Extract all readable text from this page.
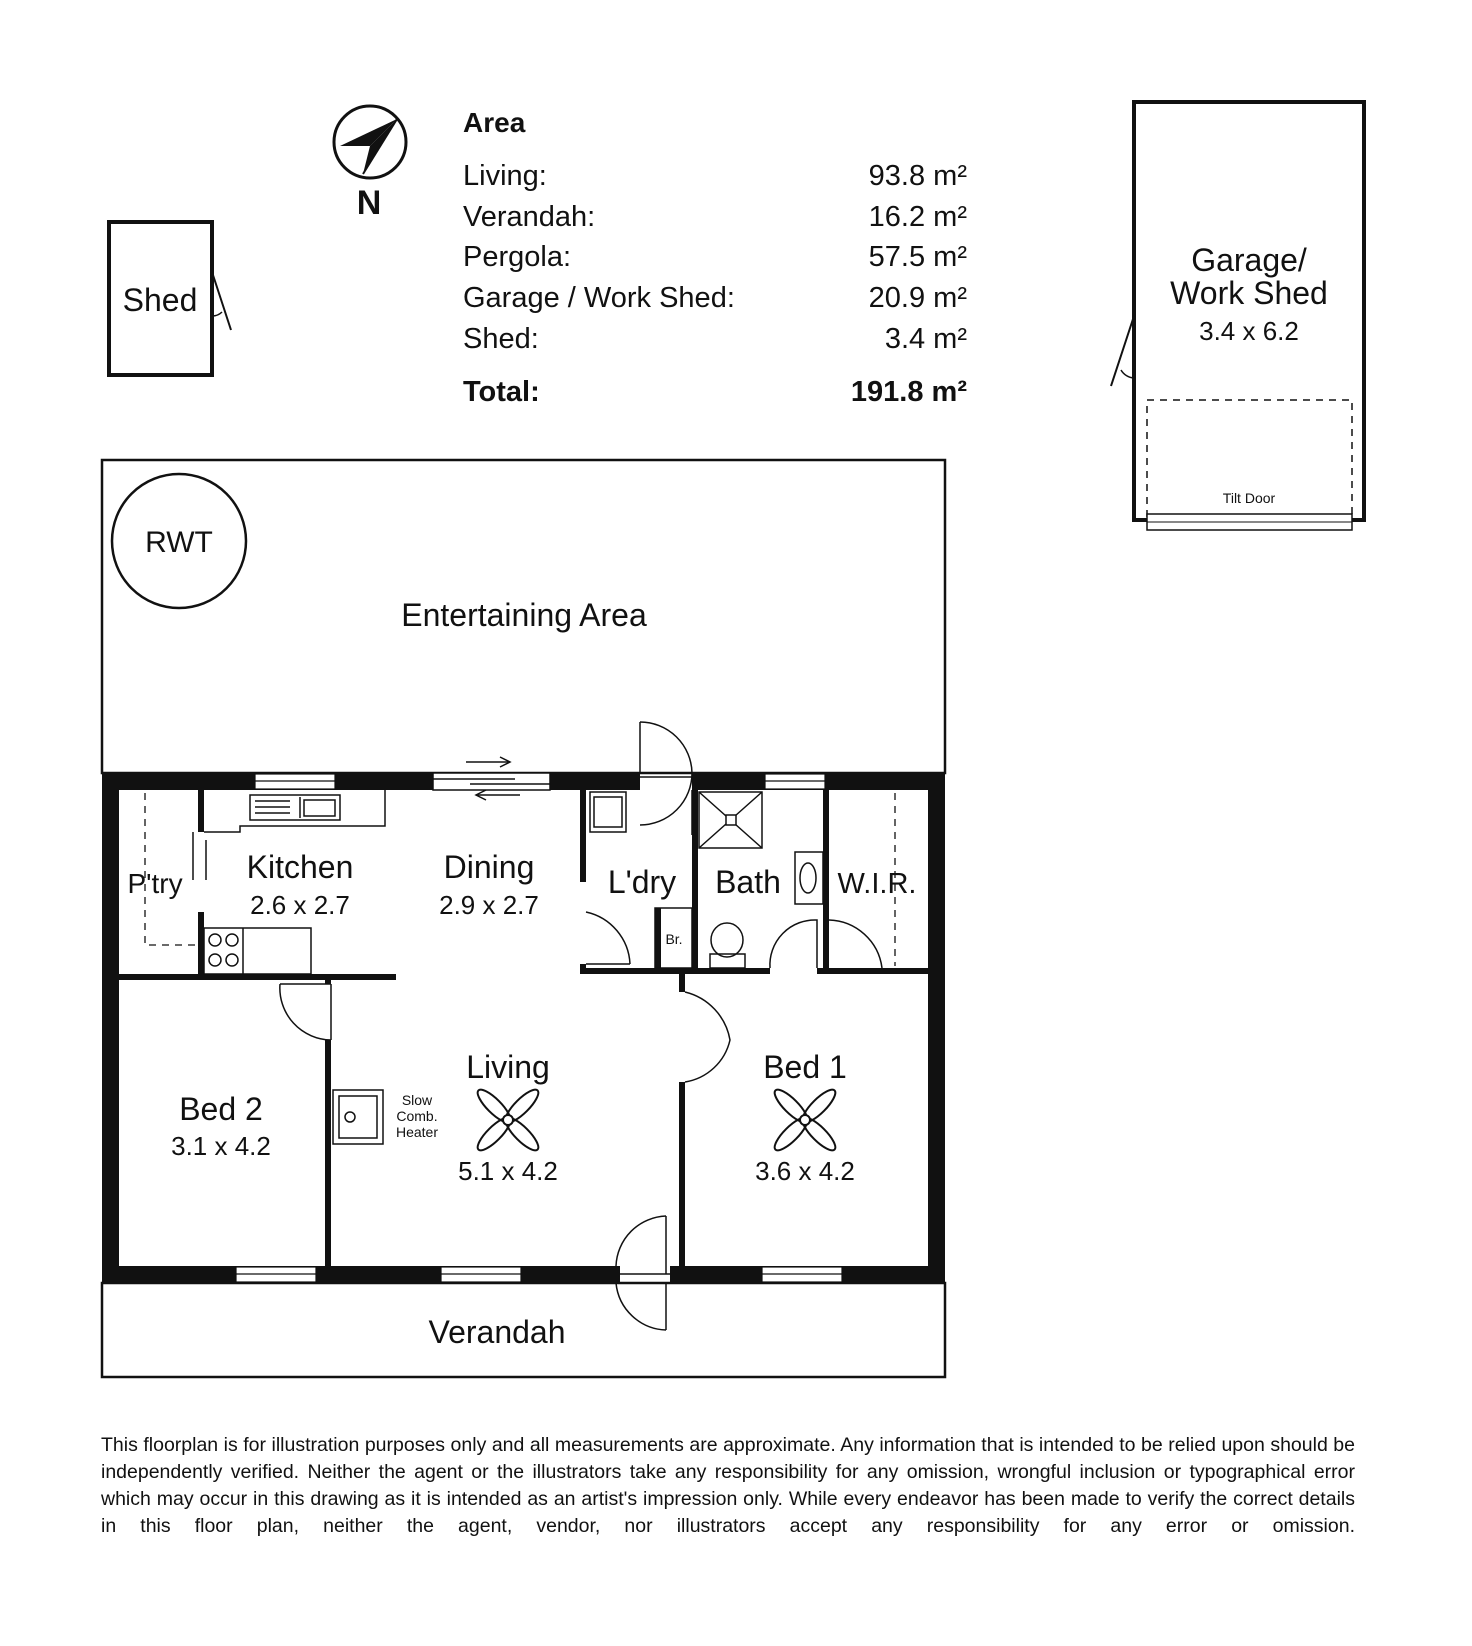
N
Area
Living:	93.8 m²
Verandah:	16.2 m²
Pergola:	57.5 m²
Garage / Work Shed:	20.9 m²
Shed:	3.4 m²
Total:	191.8 m²
Shed
Garage/
Work Shed
3.4 x 6.2
Tilt Door
RWT
Entertaining Area
Br.
Slow
Comb.
Heater
P'try Kitchen
2.6 x 2.7
Dining
2.9 x 2.7
L'dry Bath W.I.R.
Bed 2
3.1 x 4.2
Living
5.1 x 4.2
Bed 1
3.6 x 4.2
Verandah

This floorplan is for illustration purposes only and all measurements are approximate. Any information that is intended to be relied upon should be independently verified. Neither the agent or the illustrators take any responsibility for any omission, wrongful inclusion or typographical error which may occur in this drawing as it is intended as an artist's impression only. While every endeavor has been made to verify the correct details in this floor plan, neither the agent, vendor, nor illustrators accept any responsibility for any error or omission.
